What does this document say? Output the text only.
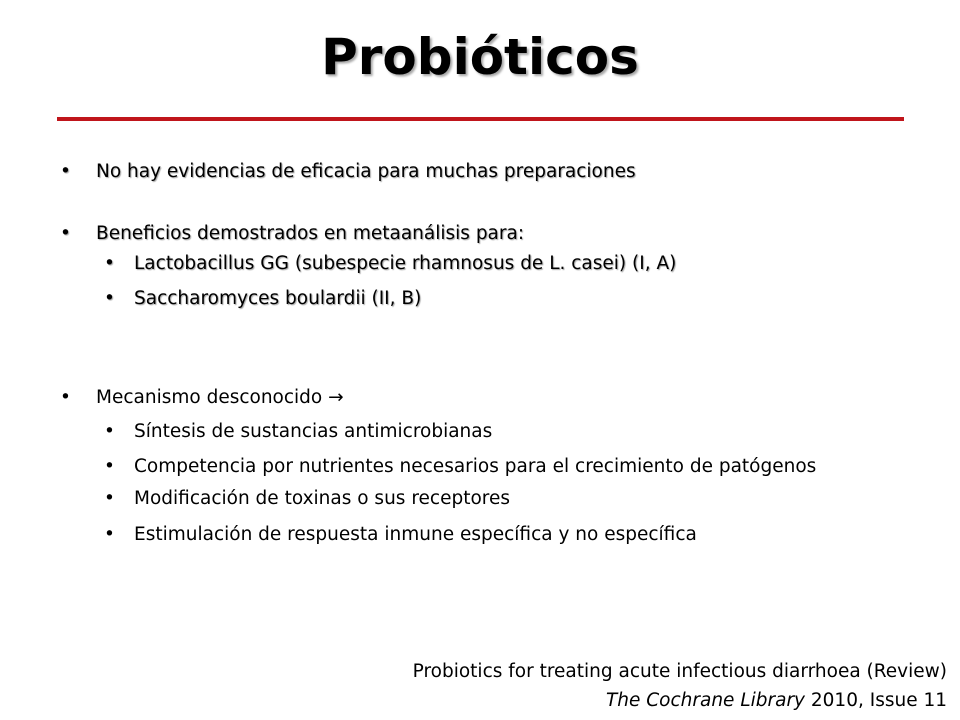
Probióticos
• No hay evidencias de eficacia para muchas preparaciones
• Beneficios demostrados en metaanálisis para:
• Lactobacillus GG (subespecie rhamnosus de L. casei) (I, A)
• Saccharomyces boulardii (II, B)
• Mecanismo desconocido →
• Síntesis de sustancias antimicrobianas
• Competencia por nutrientes necesarios para el crecimiento de patógenos
• Modificación de toxinas o sus receptores
• Estimulación de respuesta inmune específica y no específica
Probiotics for treating acute infectious diarrhoea (Review)
The Cochrane Library 2010, Issue 11
